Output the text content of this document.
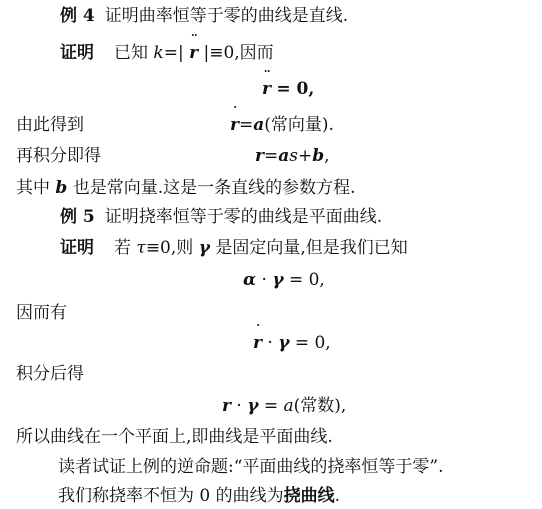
例 4 证明曲率恒等于零的曲线是直线.
证明 已知 k=| ¨ r |≡0,因而
¨ r = 0,
由此得到	˙ r=a(常向量).
再积分即得	r=as+b,
其中 b 也是常向量.这是一条直线的参数方程.
例 5 证明挠率恒等于零的曲线是平面曲线.
证明 若 τ≡0,则 γ 是固定向量,但是我们已知
α · γ = 0,
因而有
˙ r · γ = 0,
积分后得
r · γ = a(常数),
所以曲线在一个平面上,即曲线是平面曲线.
读者试证上例的逆命题:“平面曲线的挠率恒等于零”.
我们称挠率不恒为 0 的曲线为挠曲线.
